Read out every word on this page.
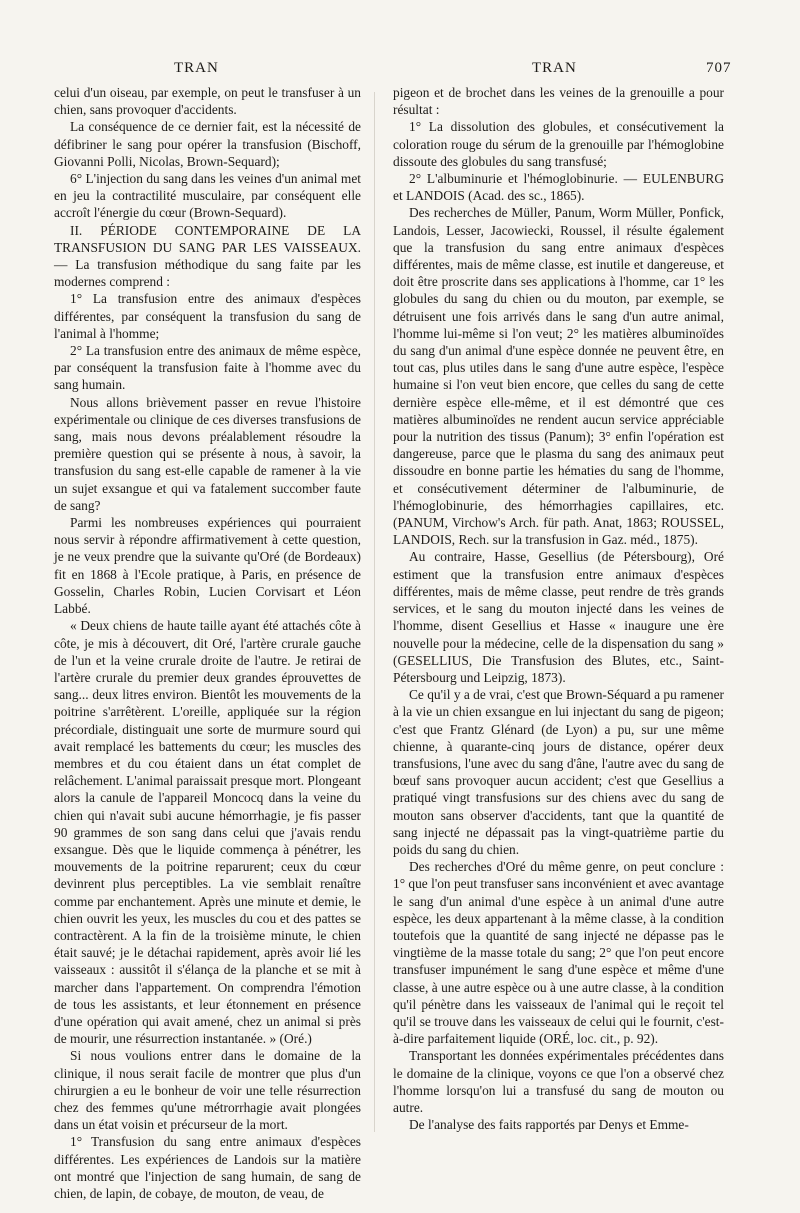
TRAN	TRAN	707

celui d'un oiseau, par exemple, on peut le transfuser à un chien, sans provoquer d'accidents.

La conséquence de ce dernier fait, est la nécessité de défibriner le sang pour opérer la transfusion (Bischoff, Giovanni Polli, Nicolas, Brown-Sequard);

6° L'injection du sang dans les veines d'un animal met en jeu la contractilité musculaire, par conséquent elle accroît l'énergie du cœur (Brown-Sequard).

II. PÉRIODE CONTEMPORAINE DE LA TRANSFUSION DU SANG PAR LES VAISSEAUX. — La transfusion méthodique du sang faite par les modernes comprend :

1° La transfusion entre des animaux d'espèces différentes, par conséquent la transfusion du sang de l'animal à l'homme;

2° La transfusion entre des animaux de même espèce, par conséquent la transfusion faite à l'homme avec du sang humain.

Nous allons brièvement passer en revue l'histoire expérimentale ou clinique de ces diverses transfusions de sang, mais nous devons préalablement résoudre la première question qui se présente à nous, à savoir, la transfusion du sang est-elle capable de ramener à la vie un sujet exsangue et qui va fatalement succomber faute de sang?

Parmi les nombreuses expériences qui pourraient nous servir à répondre affirmativement à cette question, je ne veux prendre que la suivante qu'Oré (de Bordeaux) fit en 1868 à l'Ecole pratique, à Paris, en présence de Gosselin, Charles Robin, Lucien Corvisart et Léon Labbé.

« Deux chiens de haute taille ayant été attachés côte à côte, je mis à découvert, dit Oré, l'artère crurale gauche de l'un et la veine crurale droite de l'autre. Je retirai de l'artère crurale du premier deux grandes éprouvettes de sang... deux litres environ. Bientôt les mouvements de la poitrine s'arrêtèrent. L'oreille, appliquée sur la région précordiale, distinguait une sorte de murmure sourd qui avait remplacé les battements du cœur; les muscles des membres et du cou étaient dans un état complet de relâchement. L'animal paraissait presque mort. Plongeant alors la canule de l'appareil Moncocq dans la veine du chien qui n'avait subi aucune hémorrhagie, je fis passer 90 grammes de son sang dans celui que j'avais rendu exsangue. Dès que le liquide commença à pénétrer, les mouvements de la poitrine reparurent; ceux du cœur devinrent plus perceptibles. La vie semblait renaître comme par enchantement. Après une minute et demie, le chien ouvrit les yeux, les muscles du cou et des pattes se contractèrent. A la fin de la troisième minute, le chien était sauvé; je le détachai rapidement, après avoir lié les vaisseaux : aussitôt il s'élança de la planche et se mit à marcher dans l'appartement. On comprendra l'émotion de tous les assistants, et leur étonnement en présence d'une opération qui avait amené, chez un animal si près de mourir, une résurrection instantanée. » (Oré.)

Si nous voulions entrer dans le domaine de la clinique, il nous serait facile de montrer que plus d'un chirurgien a eu le bonheur de voir une telle résurrection chez des femmes qu'une métrorrhagie avait plongées dans un état voisin et précurseur de la mort.

1° Transfusion du sang entre animaux d'espèces différentes. Les expériences de Landois sur la matière ont montré que l'injection de sang humain, de sang de chien, de lapin, de cobaye, de mouton, de veau, de

pigeon et de brochet dans les veines de la grenouille a pour résultat :

1° La dissolution des globules, et consécutivement la coloration rouge du sérum de la grenouille par l'hémoglobine dissoute des globules du sang transfusé;

2° L'albuminurie et l'hémoglobinurie. — EULENBURG et LANDOIS (Acad. des sc., 1865).

Des recherches de Müller, Panum, Worm Müller, Ponfick, Landois, Lesser, Jacowiecki, Roussel, il résulte également que la transfusion du sang entre animaux d'espèces différentes, mais de même classe, est inutile et dangereuse, et doit être proscrite dans ses applications à l'homme, car 1° les globules du sang du chien ou du mouton, par exemple, se détruisent une fois arrivés dans le sang d'un autre animal, l'homme lui-même si l'on veut; 2° les matières albuminoïdes du sang d'un animal d'une espèce donnée ne peuvent être, en tout cas, plus utiles dans le sang d'une autre espèce, l'espèce humaine si l'on veut bien encore, que celles du sang de cette dernière espèce elle-même, et il est démontré que ces matières albuminoïdes ne rendent aucun service appréciable pour la nutrition des tissus (Panum); 3° enfin l'opération est dangereuse, parce que le plasma du sang des animaux peut dissoudre en bonne partie les hématies du sang de l'homme, et consécutivement déterminer de l'albuminurie, de l'hémoglobinurie, des hémorrhagies capillaires, etc. (PANUM, Virchow's Arch. für path. Anat, 1863; ROUSSEL, LANDOIS, Rech. sur la transfusion in Gaz. méd., 1875).

Au contraire, Hasse, Gesellius (de Pétersbourg), Oré estiment que la transfusion entre animaux d'espèces différentes, mais de même classe, peut rendre de très grands services, et le sang du mouton injecté dans les veines de l'homme, disent Gesellius et Hasse « inaugure une ère nouvelle pour la médecine, celle de la dispensation du sang » (GESELLIUS, Die Transfusion des Blutes, etc., Saint-Pétersbourg und Leipzig, 1873).

Ce qu'il y a de vrai, c'est que Brown-Séquard a pu ramener à la vie un chien exsangue en lui injectant du sang de pigeon; c'est que Frantz Glénard (de Lyon) a pu, sur une même chienne, à quarante-cinq jours de distance, opérer deux transfusions, l'une avec du sang d'âne, l'autre avec du sang de bœuf sans provoquer aucun accident; c'est que Gesellius a pratiqué vingt transfusions sur des chiens avec du sang de mouton sans observer d'accidents, tant que la quantité de sang injecté ne dépassait pas la vingt-quatrième partie du poids du sang du chien.

Des recherches d'Oré du même genre, on peut conclure : 1° que l'on peut transfuser sans inconvénient et avec avantage le sang d'un animal d'une espèce à un animal d'une autre espèce, les deux appartenant à la même classe, à la condition toutefois que la quantité de sang injecté ne dépasse pas le vingtième de la masse totale du sang; 2° que l'on peut encore transfuser impunément le sang d'une espèce et même d'une classe, à une autre espèce ou à une autre classe, à la condition qu'il pénètre dans les vaisseaux de l'animal qui le reçoit tel qu'il se trouve dans les vaisseaux de celui qui le fournit, c'est-à-dire parfaitement liquide (ORÉ, loc. cit., p. 92).

Transportant les données expérimentales précédentes dans le domaine de la clinique, voyons ce que l'on a observé chez l'homme lorsqu'on lui a transfusé du sang de mouton ou autre.

De l'analyse des faits rapportés par Denys et Emme-
